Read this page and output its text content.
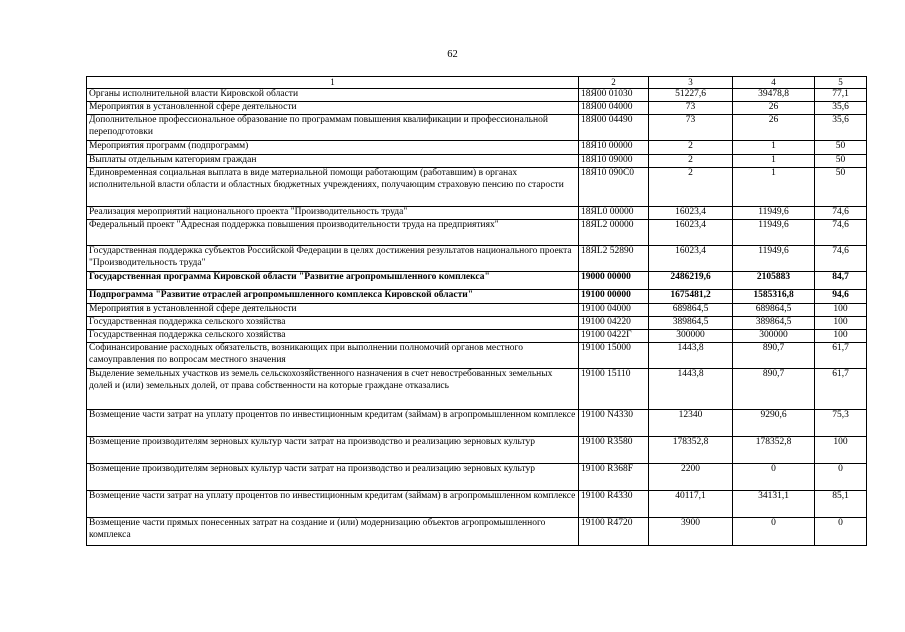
62
1	2	3	4	5
Органы исполнительной власти Кировской области	18Я00 01030	51227,6	39478,8	77,1
Мероприятия в установленной сфере деятельности	18Я00 04000	73	26	35,6
Дополнительное профессиональное образование по программам повышения квалификации и профессиональной переподготовки	18Я00 04490	73	26	35,6
Мероприятия программ (подпрограмм)	18Я10 00000	2	1	50
Выплаты отдельным категориям граждан	18Я10 09000	2	1	50
Единовременная социальная выплата в виде материальной помощи работающим (работавшим) в органах исполнительной власти области и областных бюджетных учреждениях, получающим страховую пенсию по старости	18Я10 090С0	2	1	50
Реализация мероприятий национального проекта "Производительность труда"	18ЯL0 00000	16023,4	11949,6	74,6
Федеральный проект "Адресная поддержка повышения производительности труда на предприятиях"	18ЯL2 00000	16023,4	11949,6	74,6
Государственная поддержка субъектов Российской Федерации в целях достижения результатов национального проекта "Производительность труда"	18ЯL2 52890	16023,4	11949,6	74,6
Государственная программа Кировской области "Развитие агропромышленного комплекса"	19000 00000	2486219,6	2105883	84,7
Подпрограмма "Развитие отраслей агропромышленного комплекса Кировской области"	19100 00000	1675481,2	1585316,8	94,6
Мероприятия в установленной сфере деятельности	19100 04000	689864,5	689864,5	100
Государственная поддержка сельского хозяйства	19100 04220	389864,5	389864,5	100
Государственная поддержка сельского хозяйства	19100 0422Г	300000	300000	100
Софинансирование расходных обязательств, возникающих при выполнении полномочий органов местного самоуправления по вопросам местного значения	19100 15000	1443,8	890,7	61,7
Выделение земельных участков из земель сельскохозяйственного назначения в счет невостребованных земельных долей и (или) земельных долей, от права собственности на которые граждане отказались	19100 15110	1443,8	890,7	61,7
Возмещение части затрат на уплату процентов по инвестиционным кредитам (займам) в агропромышленном комплексе	19100 N4330	12340	9290,6	75,3
Возмещение производителям зерновых культур части затрат на производство и реализацию зерновых культур	19100 R3580	178352,8	178352,8	100
Возмещение производителям зерновых культур части затрат на производство и реализацию зерновых культур	19100 R368F	2200	0	0
Возмещение части затрат на уплату процентов по инвестиционным кредитам (займам) в агропромышленном комплексе	19100 R4330	40117,1	34131,1	85,1
Возмещение части прямых понесенных затрат на создание и (или) модернизацию объектов агропромышленного комплекса	19100 R4720	3900	0	0
